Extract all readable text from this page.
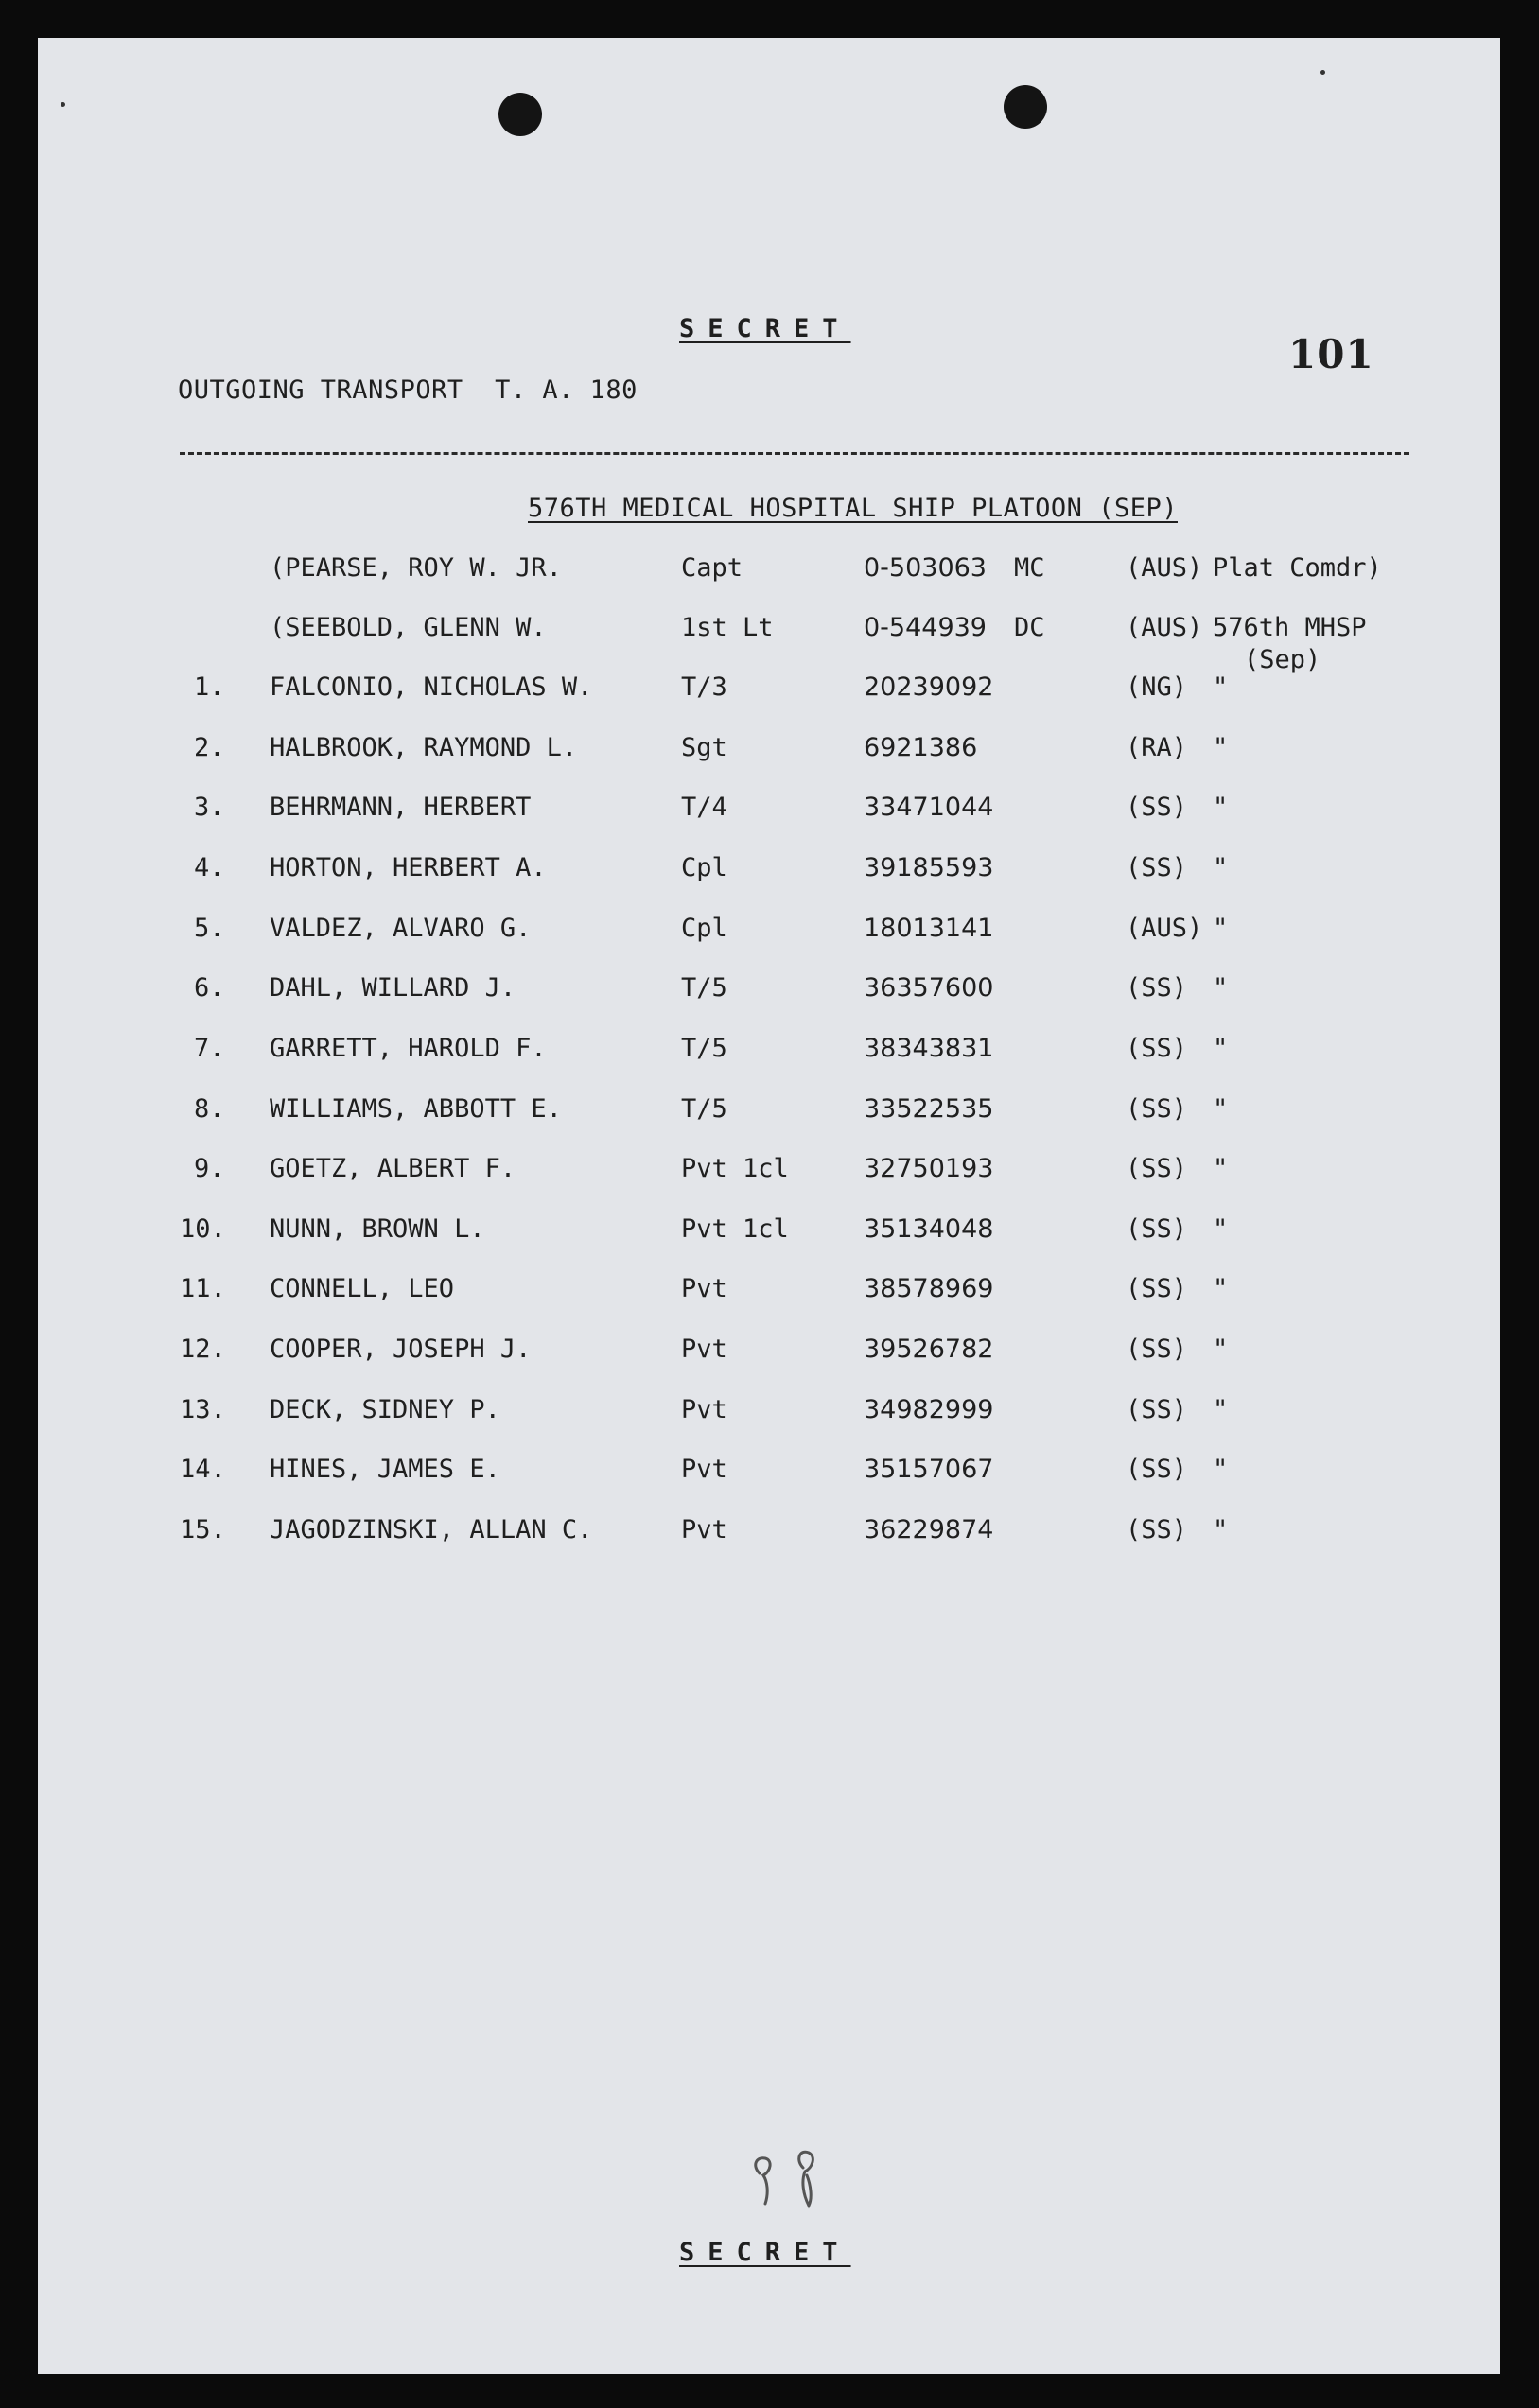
SECRET
101
OUTGOING TRANSPORT  T. A. 180
576TH MEDICAL HOSPITAL SHIP PLATOON (SEP)
(PEARSE, ROY W. JR.	Capt	0-503063 MC	(AUS) Plat Comdr)
(SEEBOLD, GLENN W.	1st Lt	0-544939 DC	(AUS) 576th MHSP
(Sep)
1. FALCONIO, NICHOLAS W.	T/3	20239092	(NG) "
2. HALBROOK, RAYMOND L.	Sgt	6921386	(RA) "
3. BEHRMANN, HERBERT	T/4	33471044	(SS) "
4. HORTON, HERBERT A.	Cpl	39185593	(SS) "
5. VALDEZ, ALVARO G.	Cpl	18013141	(AUS) "
6. DAHL, WILLARD J.	T/5	36357600	(SS) "
7. GARRETT, HAROLD F.	T/5	38343831	(SS) "
8. WILLIAMS, ABBOTT E.	T/5	33522535	(SS) "
9. GOETZ, ALBERT F.	Pvt 1cl	32750193	(SS) "
10. NUNN, BROWN L.	Pvt 1cl	35134048	(SS) "
11. CONNELL, LEO	Pvt	38578969	(SS) "
12. COOPER, JOSEPH J.	Pvt	39526782	(SS) "
13. DECK, SIDNEY P.	Pvt	34982999	(SS) "
14. HINES, JAMES E.	Pvt	35157067	(SS) "
15. JAGODZINSKI, ALLAN C.	Pvt	36229874	(SS) "
SECRET
